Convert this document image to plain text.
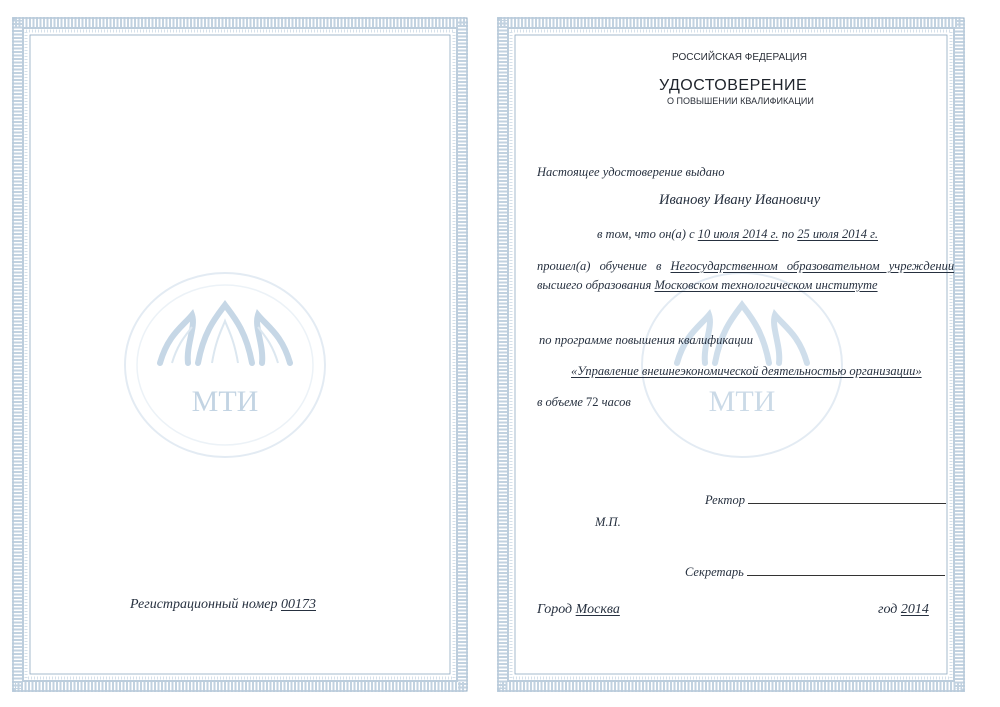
МТИ
Регистрационный номер 00173
МТИ
РОССИЙСКАЯ ФЕДЕРАЦИЯ
УДОСТОВЕРЕНИЕ
О ПОВЫШЕНИИ КВАЛИФИКАЦИИ
Настоящее удостоверение выдано
Иванову Ивану Ивановичу
в том, что он(а) с 10 июля 2014 г. по 25 июля 2014 г.
прошел(а) обучение в Негосударственном образовательном учреждении
высшего образования Московском технологическом институте
по программе повышения квалификации
«Управление внешнеэкономической деятельностью организации»
в объеме 72 часов
Ректор
М.П.
Секретарь
Город Москва	год 2014
